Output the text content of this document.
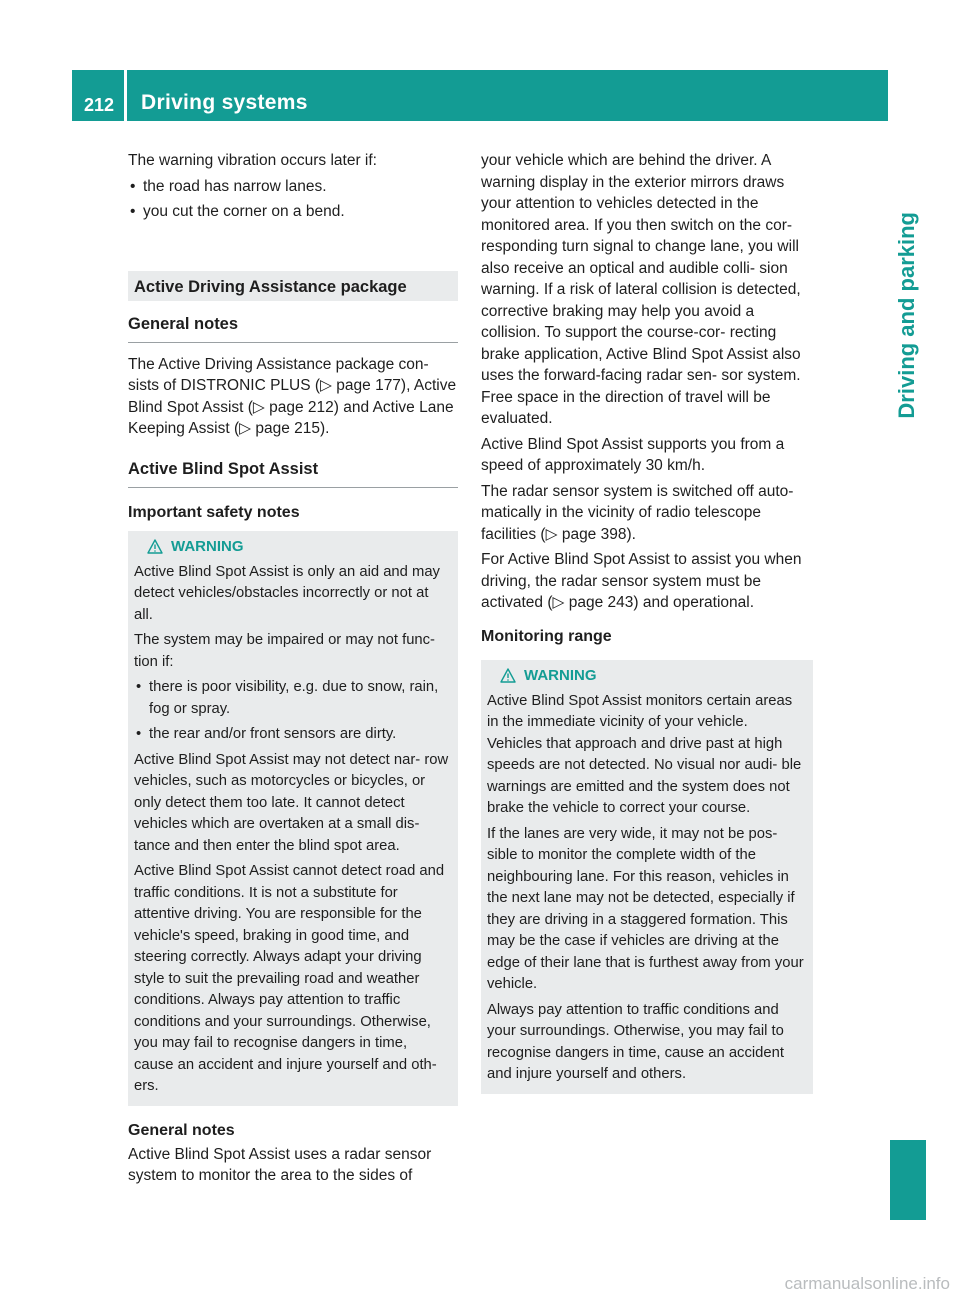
212 Driving systems
Driving and parking

The warning vibration occurs later if:

• the road has narrow lanes.
• you cut the corner on a bend.
Active Driving Assistance package
General notes

The Active Driving Assistance package con- sists of DISTRONIC PLUS (▷ page 177), Active Blind Spot Assist (▷ page 212) and Active Lane Keeping Assist (▷ page 215).

Active Blind Spot Assist
Important safety notes
WARNING

Active Blind Spot Assist is only an aid and may detect vehicles/obstacles incorrectly or not at all.

The system may be impaired or may not func- tion if:

• there is poor visibility, e.g. due to snow, rain, fog or spray.
• the rear and/or front sensors are dirty.

Active Blind Spot Assist may not detect nar- row vehicles, such as motorcycles or bicycles, or only detect them too late. It cannot detect vehicles which are overtaken at a small dis- tance and then enter the blind spot area.

Active Blind Spot Assist cannot detect road and traffic conditions. It is not a substitute for attentive driving. You are responsible for the vehicle's speed, braking in good time, and steering correctly. Always adapt your driving style to suit the prevailing road and weather conditions. Always pay attention to traffic conditions and your surroundings. Otherwise, you may fail to recognise dangers in time, cause an accident and injure yourself and oth- ers.

General notes

Active Blind Spot Assist uses a radar sensor system to monitor the area to the sides of

your vehicle which are behind the driver. A warning display in the exterior mirrors draws your attention to vehicles detected in the monitored area. If you then switch on the cor- responding turn signal to change lane, you will also receive an optical and audible colli- sion warning. If a risk of lateral collision is detected, corrective braking may help you avoid a collision. To support the course-cor- recting brake application, Active Blind Spot Assist also uses the forward-facing radar sen- sor system. Free space in the direction of travel will be evaluated.

Active Blind Spot Assist supports you from a speed of approximately 30 km/h.

The radar sensor system is switched off auto- matically in the vicinity of radio telescope facilities (▷ page 398).

For Active Blind Spot Assist to assist you when driving, the radar sensor system must be activated (▷ page 243) and operational.

Monitoring range
WARNING

Active Blind Spot Assist monitors certain areas in the immediate vicinity of your vehicle. Vehicles that approach and drive past at high speeds are not detected. No visual nor audi- ble warnings are emitted and the system does not brake the vehicle to correct your course.

If the lanes are very wide, it may not be pos- sible to monitor the complete width of the neighbouring lane. For this reason, vehicles in the next lane may not be detected, especially if they are driving in a staggered formation. This may be the case if vehicles are driving at the edge of their lane that is furthest away from your vehicle.

Always pay attention to traffic conditions and your surroundings. Otherwise, you may fail to recognise dangers in time, cause an accident and injure yourself and others.

carmanualsonline.info
